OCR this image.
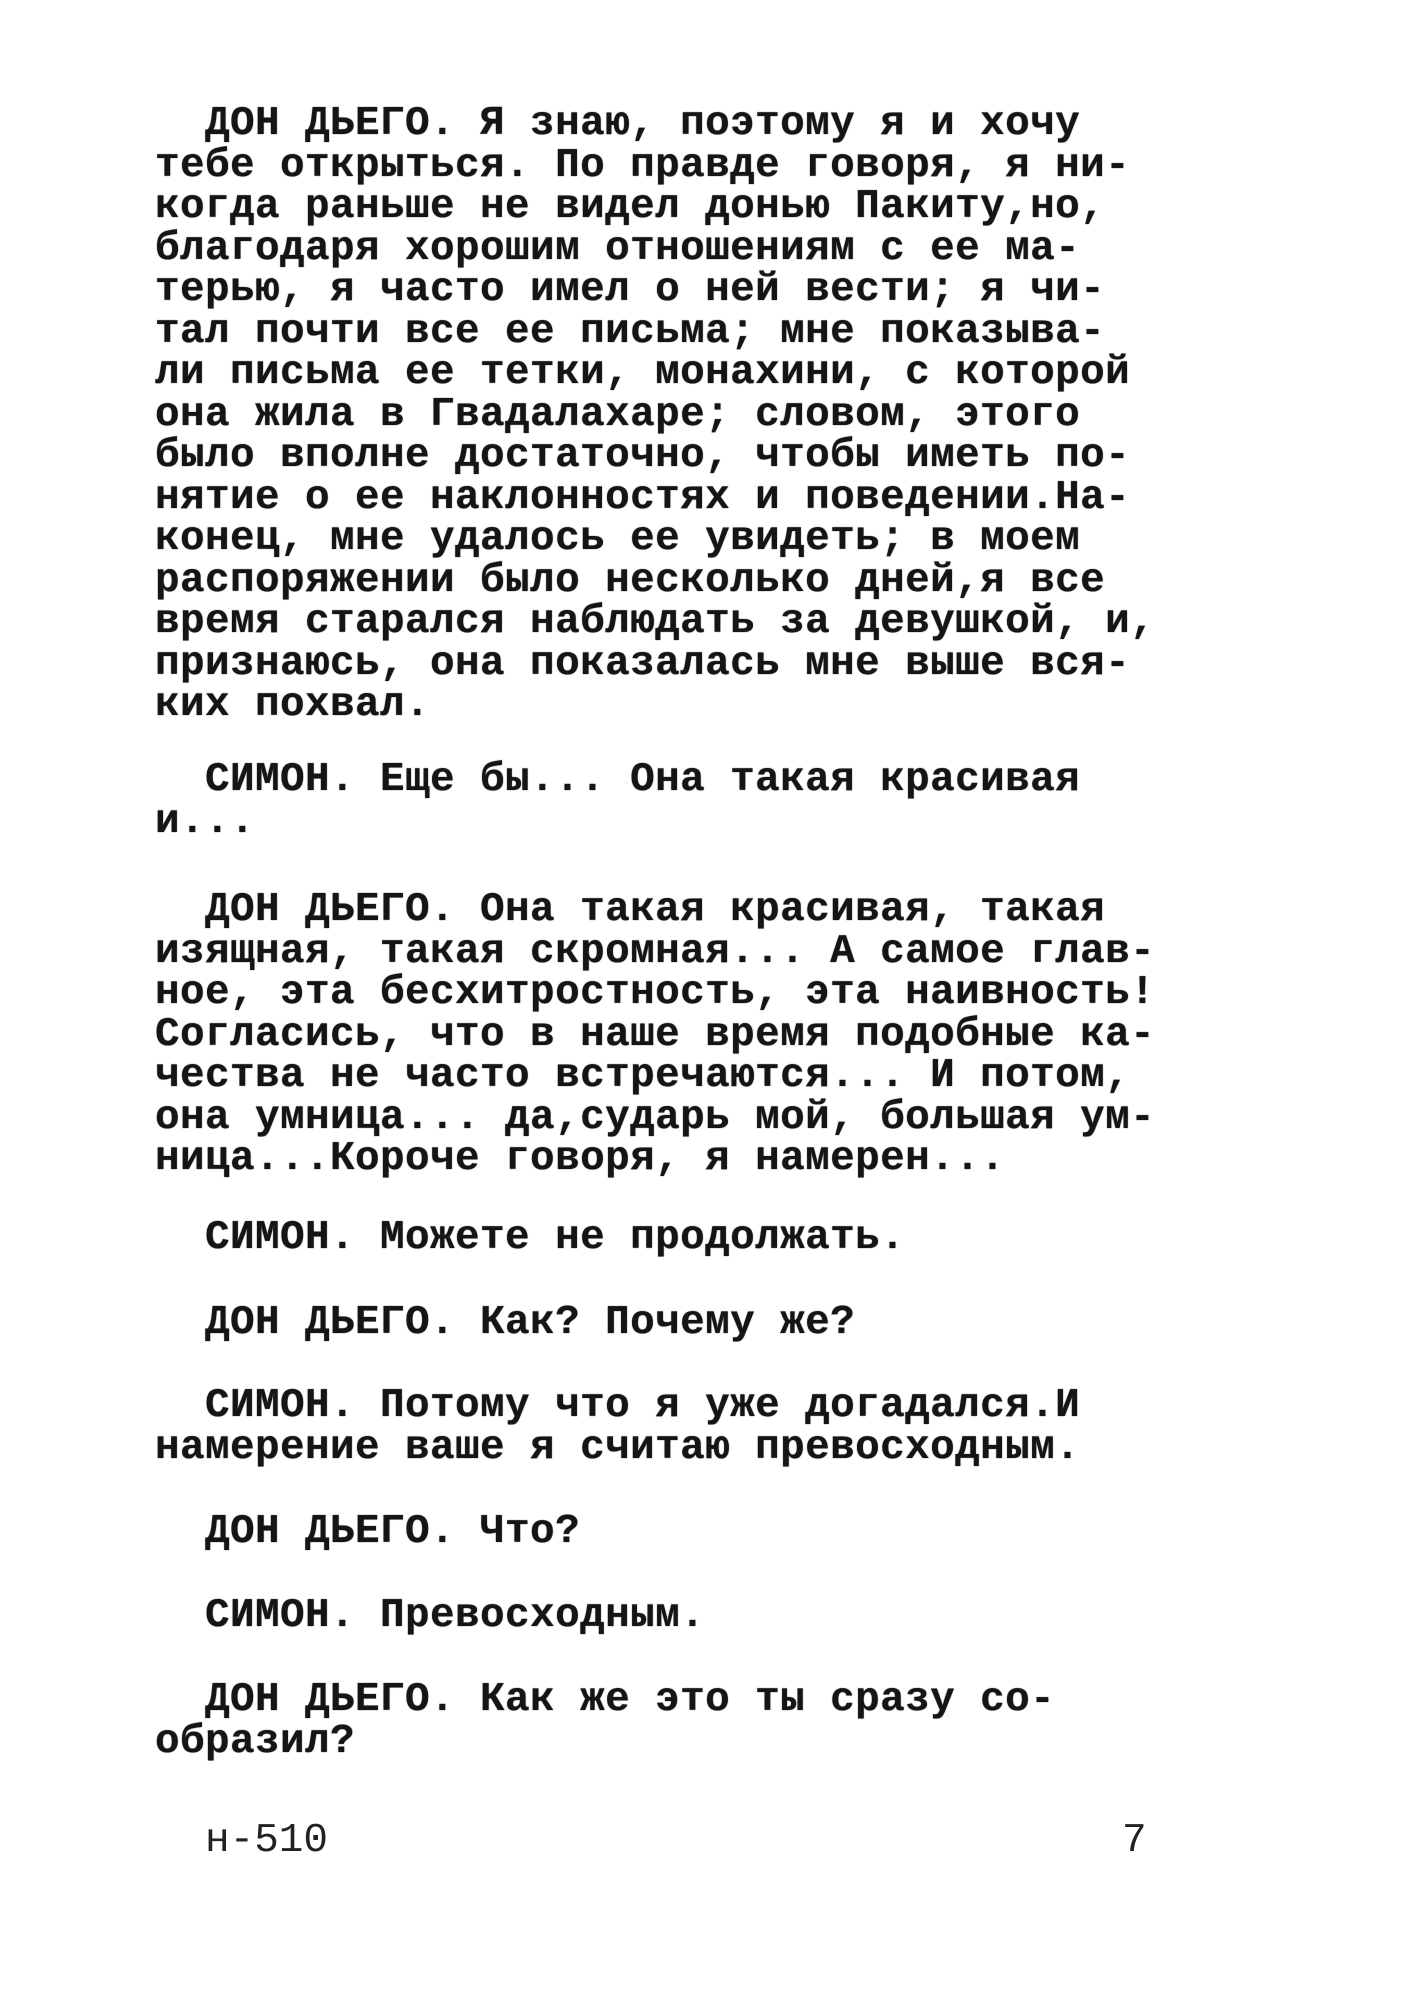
ДОН ДЬЕГО. Я знаю, поэтому я и хочу
тебе открыться. По правде говоря, я ни-
когда раньше не видел донью Пакиту,но,
благодаря хорошим отношениям с ее ма-
терью, я часто имел о ней вести; я чи-
тал почти все ее письма; мне показыва-
ли письма ее тетки, монахини, с которой
она жила в Гвадалахаре; словом, этого
было вполне достаточно, чтобы иметь по-
нятие о ее наклонностях и поведении.На-
конец, мне удалось ее увидеть; в моем
распоряжении было несколько дней,я все
время старался наблюдать за девушкой, и,
признаюсь, она показалась мне выше вся-
ких похвал.
СИМОН. Еще бы... Она такая красивая
и...
ДОН ДЬЕГО. Она такая красивая, такая
изящная, такая скромная... А самое глав-
ное, эта бесхитростность, эта наивность!
Согласись, что в наше время подобные ка-
чества не часто встречаются... И потом,
она умница... да,сударь мой, большая ум-
ница...Короче говоря, я намерен...
СИМОН. Можете не продолжать.
ДОН ДЬЕГО. Как? Почему же?
СИМОН. Потому что я уже догадался.И
намерение ваше я считаю превосходным.
ДОН ДЬЕГО. Что?
СИМОН. Превосходным.
ДОН ДЬЕГО. Как же это ты сразу со-
образил?
н-510	7
